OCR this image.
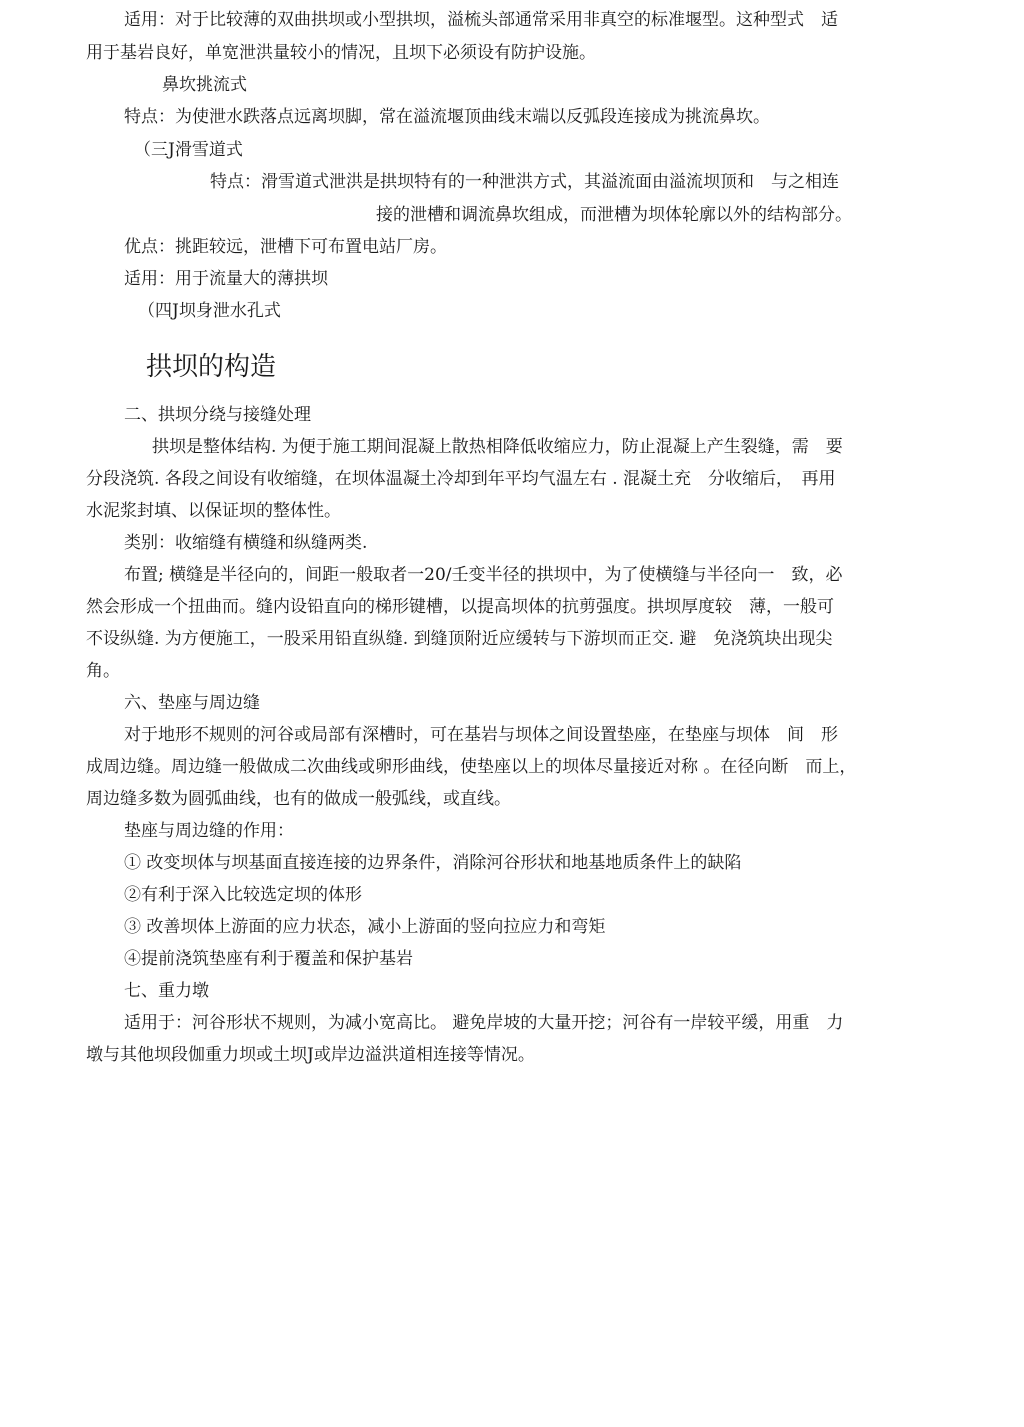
适用：对于比较薄的双曲拱坝或小型拱坝，溢梳头部通常采用非真空的标准堰型。这种型式　适
用于基岩良好，单宽泄洪量较小的情况，且坝下必须设有防护设施。
鼻坎挑流式
特点：为使泄水跌落点远离坝脚，常在溢流堰顶曲线末端以反弧段连接成为挑流鼻坎。
（三J滑雪道式
特点：滑雪道式泄洪是拱坝特有的一种泄洪方式，其溢流面由溢流坝顶和　与之相连
接的泄槽和调流鼻坎组成，而泄槽为坝体轮廓以外的结构部分。
优点：挑距较远，泄槽下可布置电站厂房。
适用：用于流量大的薄拱坝
（四J坝身泄水孔式
拱坝的构造
二、拱坝分绕与接缝处理
拱坝是整体结构. 为便于施工期间混凝上散热相降低收缩应力，防止混凝上产生裂缝，需　要
分段浇筑. 各段之间设有收缩缝，在坝体温凝土冷却到年平均气温左右 . 混凝土充　分收缩后，　再用
水泥浆封填、以保证坝的整体性。
类别：收缩缝有横缝和纵缝两类.
布置; 横缝是半径向的，间距一般取者一20/壬变半径的拱坝中，为了使横缝与半径向一　致，必
然会形成一个扭曲而。缝内设铅直向的梯形键槽，以提高坝体的抗剪强度。拱坝厚度较　薄，一般可
不设纵缝. 为方便施工，一股采用铅直纵缝. 到缝顶附近应缓转与下游坝而正交. 避　免浇筑块出现尖
角。
六、垫座与周边缝
对于地形不规则的河谷或局部有深槽时，可在基岩与坝体之间设置垫座，在垫座与坝体　间　形
成周边缝。周边缝一般做成二次曲线或卵形曲线，使垫座以上的坝体尽量接近对称 。在径向断　而上，
周边缝多数为圆弧曲线，也有的做成一般弧线，或直线。
垫座与周边缝的作用：
① 改变坝体与坝基面直接连接的边界条件，消除河谷形状和地基地质条件上的缺陷
②有利于深入比较选定坝的体形
③ 改善坝体上游面的应力状态，减小上游面的竖向拉应力和弯矩
④提前浇筑垫座有利于覆盖和保护基岩
七、重力墩
适用于：河谷形状不规则，为减小宽高比。 避免岸坡的大量开挖；河谷有一岸较平缓，用重　力
墩与其他坝段伽重力坝或土坝J或岸边溢洪道相连接等情况。
